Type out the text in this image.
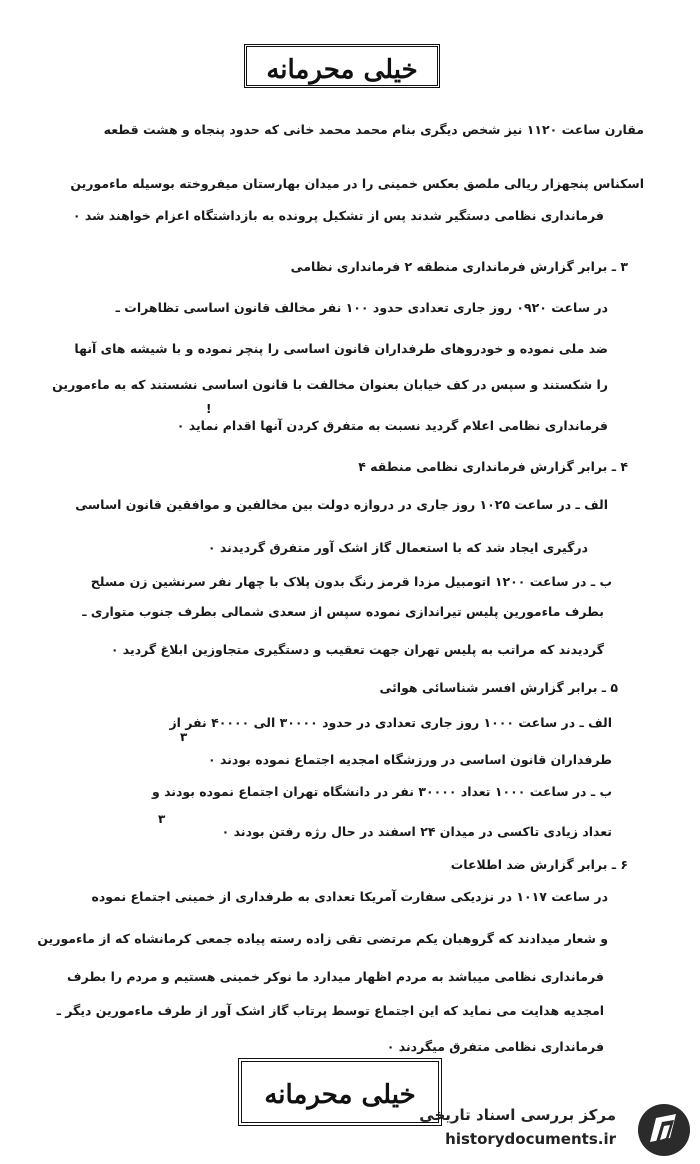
خیلی محرمانه
مقارن ساعت ۱۱۲۰ نیز شخص دیگری بنام محمد محمد خانی که حدود پنجاه و هشت قطعه
اسکناس پنجهزار ریالی ملصق بعکس خمینی را در میدان بهارستان میفروخته بوسیله ماءمورین
فرمانداری نظامی دستگیر شدند پس از تشکیل پرونده به بازداشتگاه اعزام خواهند شد ۰
۳ ـ برابر گزارش فرمانداری منطقه ۲ فرمانداری نظامی
در ساعت ۰۹۲۰ روز جاری تعدادی حدود ۱۰۰ نفر مخالف قانون اساسی تظاهرات ـ
ضد ملی نموده و خودروهای طرفداران قانون اساسی را پنچر نموده و با شیشه های آنها
را شکستند و سپس در کف خیابان بعنوان مخالفت با قانون اساسی نشستند که به ماءمورین
فرمانداری نظامی اعلام گردید نسبت به متفرق کردن آنها اقدام نماید ۰
۴ ـ برابر گزارش فرمانداری نظامی منطقه ۴
الف ـ در ساعت ۱۰۲۵ روز جاری در دروازه دولت بین مخالفین و موافقین قانون اساسی
درگیری ایجاد شد که با استعمال گاز اشک آور متفرق گردیدند ۰
ب ـ در ساعت ۱۲۰۰ اتومبیل مزدا قرمز رنگ بدون پلاک با چهار نفر سرنشین زن مسلح
بطرف ماءمورین پلیس تیراندازی نموده سپس از سعدی شمالی بطرف جنوب متواری ـ
گردیدند که مراتب به پلیس تهران جهت تعقیب و دستگیری متجاوزین ابلاغ گردید ۰
۵ ـ برابر گزارش افسر شناسائی هوائی
الف ـ در ساعت ۱۰۰۰ روز جاری تعدادی در حدود ۳۰۰۰۰ الی ۴۰۰۰۰ نفر از
طرفداران قانون اساسی در ورزشگاه امجدیه اجتماع نموده بودند ۰
ب ـ در ساعت ۱۰۰۰ تعداد ۳۰۰۰۰ نفر در دانشگاه تهران اجتماع نموده بودند و
تعداد زیادی تاکسی در میدان ۲۴ اسفند در حال رژه رفتن بودند ۰
۶ ـ برابر گزارش ضد اطلاعات
در ساعت ۱۰۱۷ در نزدیکی سفارت آمریکا تعدادی به طرفداری از خمینی اجتماع نموده
و شعار میدادند که گروهبان یکم مرتضی تقی زاده رسته پیاده جمعی کرمانشاه که از ماءمورین
فرمانداری نظامی میباشد به مردم اظهار میدارد ما نوکر خمینی هستیم و مردم را بطرف
امجدیه هدایت می نماید که این اجتماع توسط پرتاب گاز اشک آور از طرف ماءمورین دیگر ـ
فرمانداری نظامی متفرق میگردند ۰
!
۳
۳
خیلی محرمانه
مرکز بررسی اسناد تاریخی
historydocuments.ir
